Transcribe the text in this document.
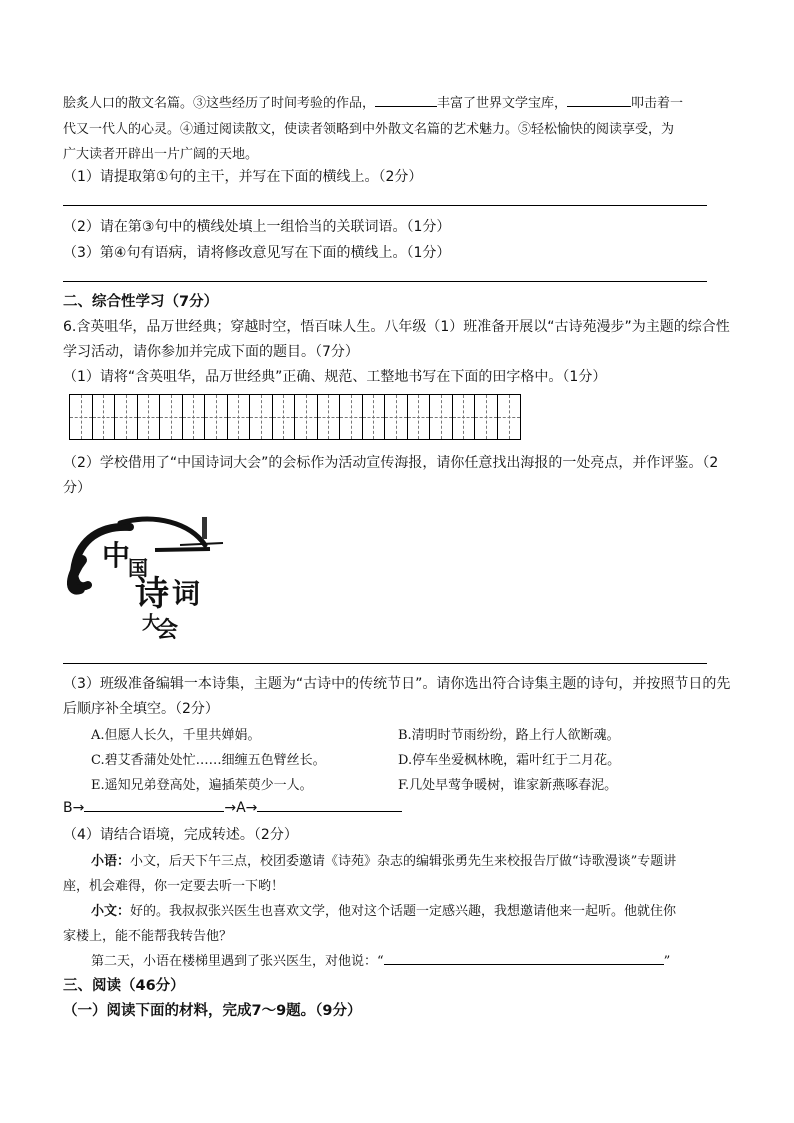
脍炙人口的散文名篇。③这些经历了时间考验的作品，	丰富了世界文学宝库，	叩击着一
代又一代人的心灵。④通过阅读散文，使读者领略到中外散文名篇的艺术魅力。⑤轻松愉快的阅读享受，为
广大读者开辟出一片广阔的天地。
（1）请提取第①句的主干，并写在下面的横线上。（2分）
（2）请在第③句中的横线处填上一组恰当的关联词语。（1分）
（3）第④句有语病，请将修改意见写在下面的横线上。（1分）
二、综合性学习（7分）
6.含英咀华，品万世经典；穿越时空，悟百味人生。八年级（1）班准备开展以“古诗苑漫步”为主题的综合性
学习活动，请你参加并完成下面的题目。（7分）
（1）请将“含英咀华，品万世经典”正确、规范、工整地书写在下面的田字格中。（1分）
（2）学校借用了“中国诗词大会”的会标作为活动宣传海报，请你任意找出海报的一处亮点，并作评鉴。（2
分）
中
国
诗 词
大
会
（3）班级准备编辑一本诗集，主题为“古诗中的传统节日”。请你选出符合诗集主题的诗句，并按照节日的先
后顺序补全填空。（2分）
A.但愿人长久，千里共婵娟。	B.清明时节雨纷纷，路上行人欲断魂。
C.碧艾香蒲处处忙……细缠五色臂丝长。	D.停车坐爱枫林晚，霜叶红于二月花。
E.遥知兄弟登高处，遍插茱萸少一人。	F.几处早莺争暖树，谁家新燕啄春泥。
B→	→A→
（4）请结合语境，完成转述。（2分）
小语：小文，后天下午三点，校团委邀请《诗苑》杂志的编辑张勇先生来校报告厅做“诗歌漫谈”专题讲
座，机会难得，你一定要去听一下哟！
小文：好的。我叔叔张兴医生也喜欢文学，他对这个话题一定感兴趣，我想邀请他来一起听。他就住你
家楼上，能不能帮我转告他？
第二天，小语在楼梯里遇到了张兴医生，对他说：“	”
三、阅读（46分）
（一）阅读下面的材料，完成7～9题。（9分）
